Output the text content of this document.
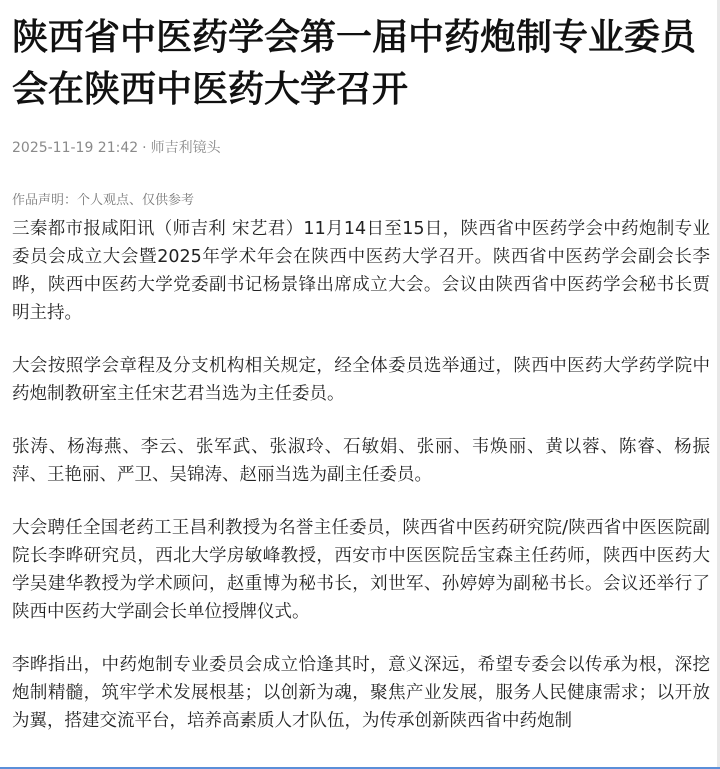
陕西省中医药学会第一届中药炮制专业委员会在陕西中医药大学召开
2025-11-19 21:42 · 师吉利镜头
作品声明：个人观点、仅供参考

三秦都市报咸阳讯（师吉利 宋艺君）11月14日至15日，陕西省中医药学会中药炮制专业委员会成立大会暨2025年学术年会在陕西中医药大学召开。陕西省中医药学会副会长李晔，陕西中医药大学党委副书记杨景锋出席成立大会。会议由陕西省中医药学会秘书长贾明主持。

大会按照学会章程及分支机构相关规定，经全体委员选举通过，陕西中医药大学药学院中药炮制教研室主任宋艺君当选为主任委员。

张涛、杨海燕、李云、张军武、张淑玲、石敏娟、张丽、韦焕丽、黄以蓉、陈睿、杨振萍、王艳丽、严卫、吴锦涛、赵丽当选为副主任委员。

大会聘任全国老药工王昌利教授为名誉主任委员，陕西省中医药研究院/陕西省中医医院副院长李晔研究员，西北大学房敏峰教授，西安市中医医院岳宝森主任药师，陕西中医药大学吴建华教授为学术顾问，赵重博为秘书长，刘世军、孙婷婷为副秘书长。会议还举行了陕西中医药大学副会长单位授牌仪式。

李晔指出，中药炮制专业委员会成立恰逢其时，意义深远，希望专委会以传承为根，深挖炮制精髓，筑牢学术发展根基；以创新为魂，聚焦产业发展，服务人民健康需求；以开放为翼，搭建交流平台，培养高素质人才队伍，为传承创新陕西省中药炮制
